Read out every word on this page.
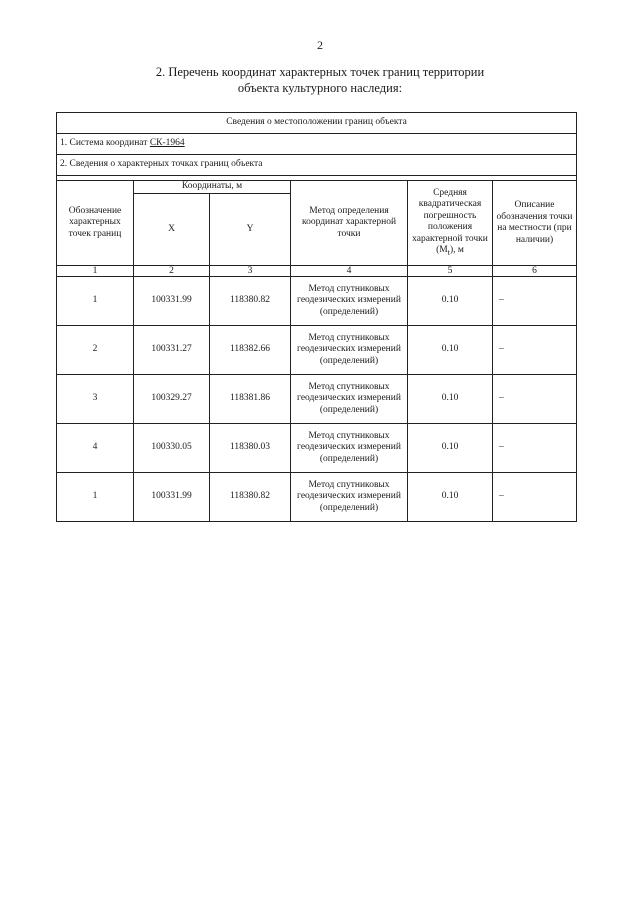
2
2. Перечень координат характерных точек границ территории
объекта культурного наследия:
Сведения о местоположении границ объекта					
1. Система координат СК-1964					
2. Сведения о характерных точках границ объекта					

Обозначение характерных точек границ	Координаты, м		Метод определения координат характерной точки	Средняя квадратическая погрешность положения характерной точки $(M_t)$, м	Описание обозначения точки на местности (при наличии)
	X	Y			
1	2	3	4	5	6
1	100331.99	118380.82	Метод спутниковых геодезических измерений (определений)	0.10	–
2	100331.27	118382.66	Метод спутниковых геодезических измерений (определений)	0.10	–
3	100329.27	118381.86	Метод спутниковых геодезических измерений (определений)	0.10	–
4	100330.05	118380.03	Метод спутниковых геодезических измерений (определений)	0.10	–
1	100331.99	118380.82	Метод спутниковых геодезических измерений (определений)	0.10	–
